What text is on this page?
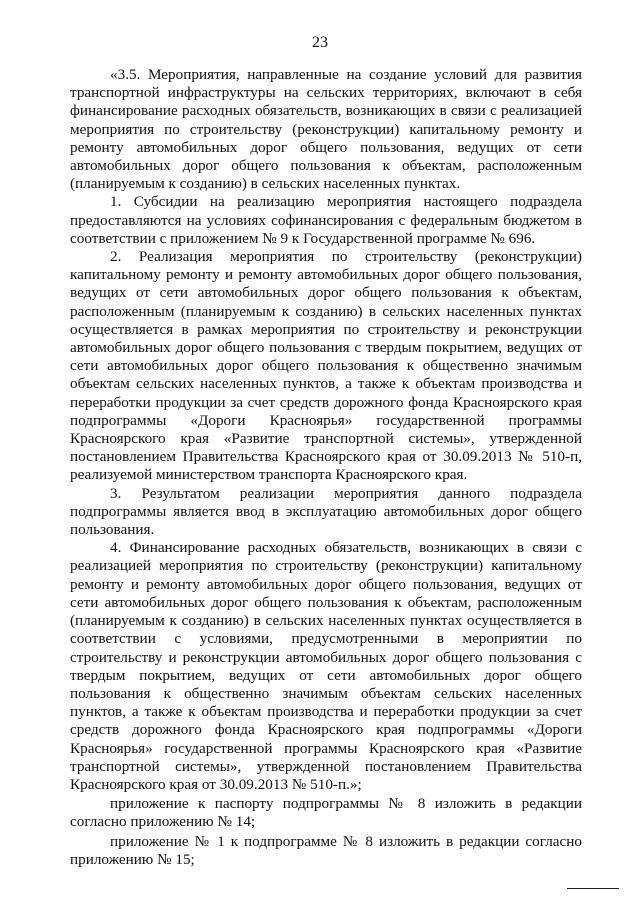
23

«3.5. Мероприятия, направленные на создание условий для развития транспортной инфраструктуры на сельских территориях, включают в себя финансирование расходных обязательств, возникающих в связи с реализацией мероприятия по строительству (реконструкции) капитальному ремонту и ремонту автомобильных дорог общего пользования, ведущих от сети автомобильных дорог общего пользования к объектам, расположенным (планируемым к созданию) в сельских населенных пунктах.

1. Субсидии на реализацию мероприятия настоящего подраздела предоставляются на условиях софинансирования с федеральным бюджетом в соответствии с приложением № 9 к Государственной программе № 696.

2. Реализация мероприятия по строительству (реконструкции) капитальному ремонту и ремонту автомобильных дорог общего пользования, ведущих от сети автомобильных дорог общего пользования к объектам, расположенным (планируемым к созданию) в сельских населенных пунктах осуществляется в рамках мероприятия по строительству и реконструкции автомобильных дорог общего пользования с твердым покрытием, ведущих от сети автомобильных дорог общего пользования к общественно значимым объектам сельских населенных пунктов, а также к объектам производства и переработки продукции за счет средств дорожного фонда Красноярского края подпрограммы «Дороги Красноярья» государственной программы Красноярского края «Развитие транспортной системы», утвержденной постановлением Правительства Красноярского края от 30.09.2013 № 510-п, реализуемой министерством транспорта Красноярского края.

3. Результатом реализации мероприятия данного подраздела подпрограммы является ввод в эксплуатацию автомобильных дорог общего пользования.

4. Финансирование расходных обязательств, возникающих в связи с реализацией мероприятия по строительству (реконструкции) капитальному ремонту и ремонту автомобильных дорог общего пользования, ведущих от сети автомобильных дорог общего пользования к объектам, расположенным (планируемым к созданию) в сельских населенных пунктах осуществляется в соответствии с условиями, предусмотренными в мероприятии по строительству и реконструкции автомобильных дорог общего пользования с твердым покрытием, ведущих от сети автомобильных дорог общего пользования к общественно значимым объектам сельских населенных пунктов, а также к объектам производства и переработки продукции за счет средств дорожного фонда Красноярского края подпрограммы «Дороги Красноярья» государственной программы Красноярского края «Развитие транспортной системы», утвержденной постановлением Правительства Красноярского края от 30.09.2013 № 510-п.»;

приложение к паспорту подпрограммы № 8 изложить в редакции согласно приложению № 14;

приложение № 1 к подпрограмме № 8 изложить в редакции согласно приложению № 15;
